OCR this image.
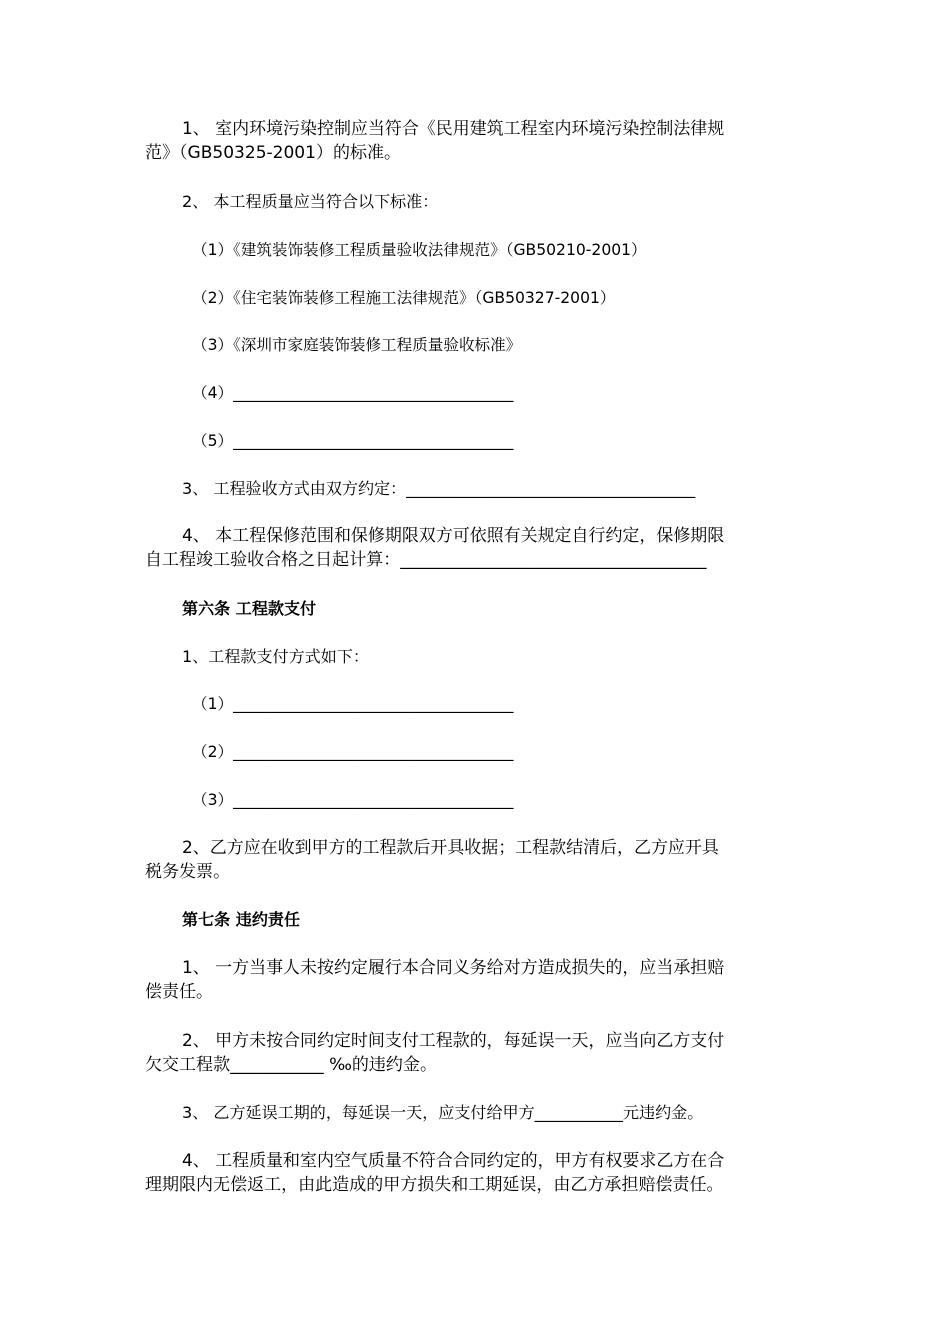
1、 室内环境污染控制应当符合《民用建筑工程室内环境污染控制法律规
范》（GB50325-2001）的标准。
2、 本工程质量应当符合以下标准：
（1）《建筑装饰装修工程质量验收法律规范》（GB50210-2001）
（2）《住宅装饰装修工程施工法律规范》（GB50327-2001）
（3）《深圳市家庭装饰装修工程质量验收标准》
（4）____________________________________
（5）____________________________________
3、 工程验收方式由双方约定：____________________________________
4、 本工程保修范围和保修期限双方可依照有关规定自行约定，保修期限
自工程竣工验收合格之日起计算：____________________________________
第六条 工程款支付
1、工程款支付方式如下：
（1）____________________________________
（2）____________________________________
（3）____________________________________
2、乙方应在收到甲方的工程款后开具收据；工程款结清后，乙方应开具
税务发票。
第七条 违约责任
1、 一方当事人未按约定履行本合同义务给对方造成损失的，应当承担赔
偿责任。
2、 甲方未按合同约定时间支付工程款的，每延误一天，应当向乙方支付
欠交工程款___________ ‰的违约金。
3、 乙方延误工期的，每延误一天，应支付给甲方___________元违约金。
4、 工程质量和室内空气质量不符合合同约定的，甲方有权要求乙方在合
理期限内无偿返工，由此造成的甲方损失和工期延误，由乙方承担赔偿责任。
